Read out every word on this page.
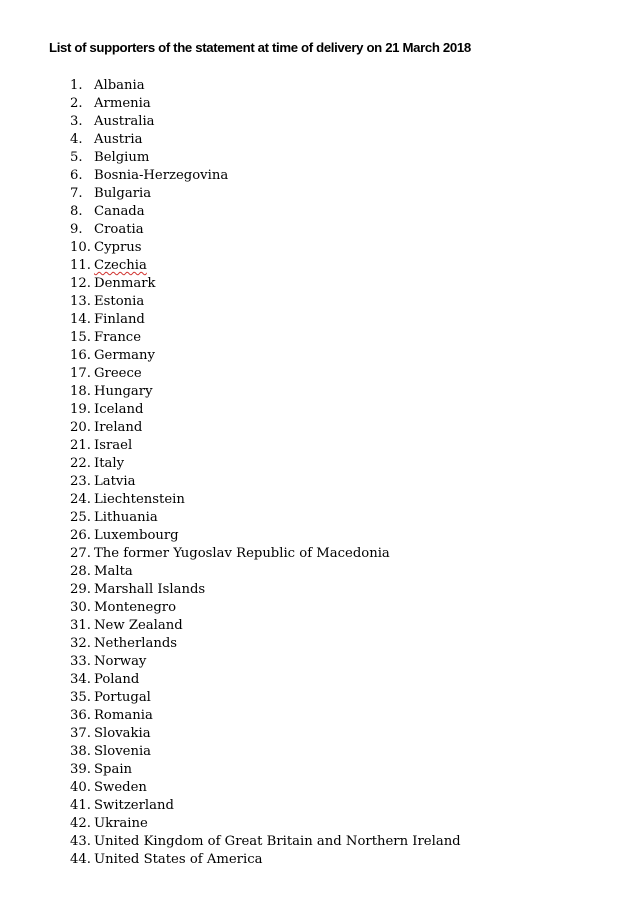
List of supporters of the statement at time of delivery on 21 March 2018
1. Albania
2. Armenia
3. Australia
4. Austria
5. Belgium
6. Bosnia-Herzegovina
7. Bulgaria
8. Canada
9. Croatia
10. Cyprus
11. Czechia
12. Denmark
13. Estonia
14. Finland
15. France
16. Germany
17. Greece
18. Hungary
19. Iceland
20. Ireland
21. Israel
22. Italy
23. Latvia
24. Liechtenstein
25. Lithuania
26. Luxembourg
27. The former Yugoslav Republic of Macedonia
28. Malta
29. Marshall Islands
30. Montenegro
31. New Zealand
32. Netherlands
33. Norway
34. Poland
35. Portugal
36. Romania
37. Slovakia
38. Slovenia
39. Spain
40. Sweden
41. Switzerland
42. Ukraine
43. United Kingdom of Great Britain and Northern Ireland
44. United States of America
